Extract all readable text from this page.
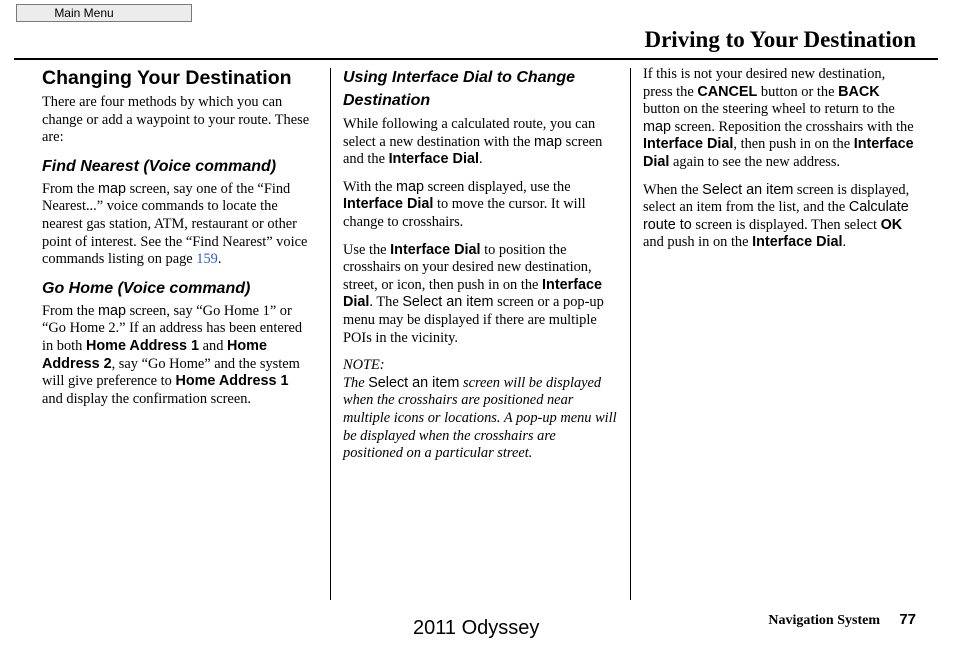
Main Menu
Driving to Your Destination
Changing Your Destination

There are four methods by which you can change or add a waypoint to your route. These are:

Find Nearest (Voice command)

From the map screen, say one of the “Find Nearest...” voice commands to locate the nearest gas station, ATM, restaurant or other point of interest. See the “Find Nearest” voice commands listing on page 159.

Go Home (Voice command)

From the map screen, say “Go Home 1” or “Go Home 2.” If an address has been entered in both Home Address 1 and Home Address 2, say “Go Home” and the system will give preference to Home Address 1 and display the confirmation screen.

Using Interface Dial to Change Destination

While following a calculated route, you can select a new destination with the map screen and the Interface Dial.

With the map screen displayed, use the Interface Dial to move the cursor. It will change to crosshairs.

Use the Interface Dial to position the crosshairs on your desired new destination, street, or icon, then push in on the Interface Dial. The Select an item screen or a pop-up menu may be displayed if there are multiple POIs in the vicinity.

NOTE:
The Select an item screen will be displayed when the crosshairs are positioned near multiple icons or locations. A pop-up menu will be displayed when the crosshairs are positioned on a particular street.

If this is not your desired new destination, press the CANCEL button or the BACK button on the steering wheel to return to the map screen. Reposition the crosshairs with the Interface Dial, then push in on the Interface Dial again to see the new address.

When the Select an item screen is displayed, select an item from the list, and the Calculate route to screen is displayed. Then select OK and push in on the Interface Dial.

Navigation System 77
2011 Odyssey
